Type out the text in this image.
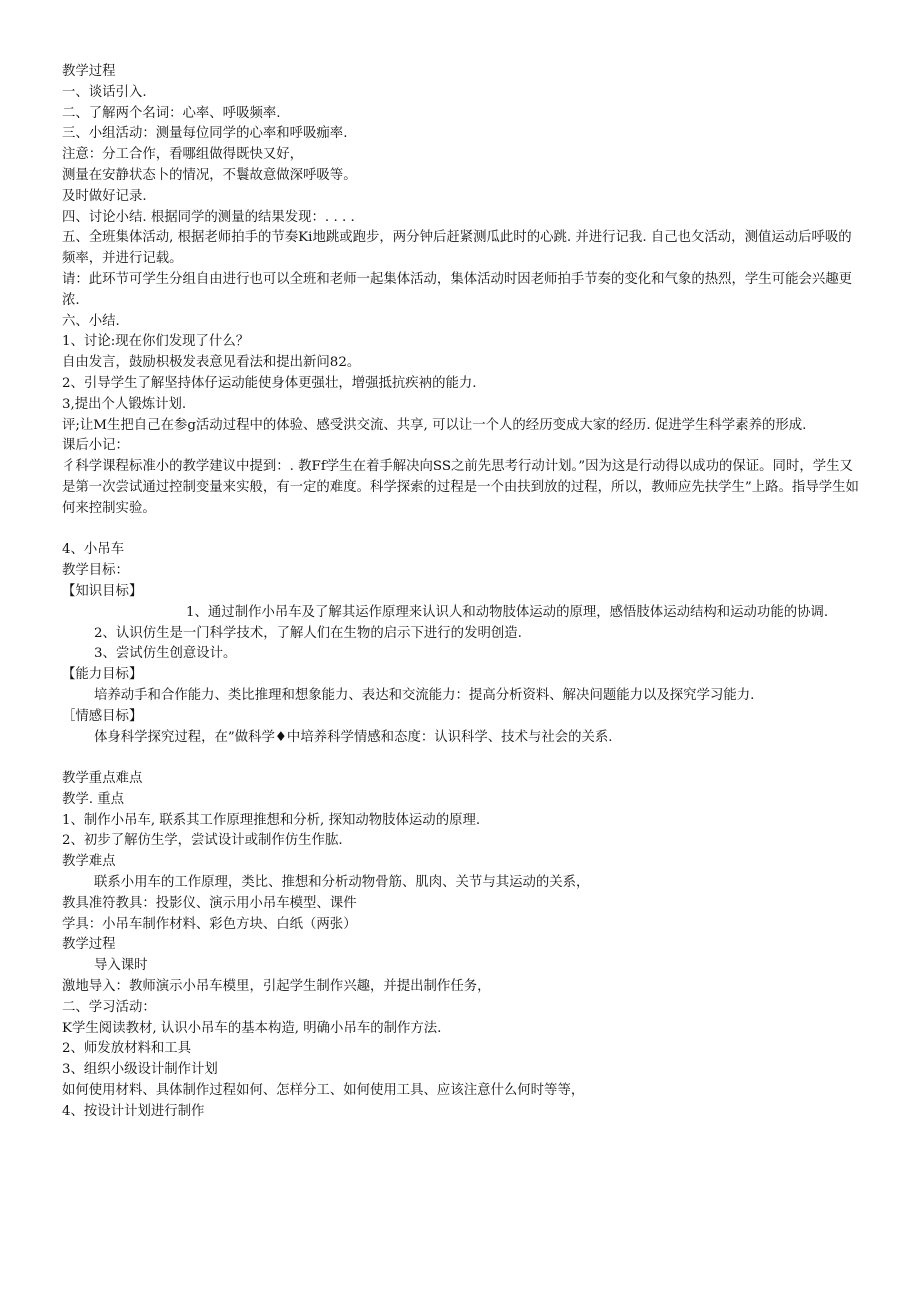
教学过程
一、谈话引入.
二、了解两个名词：心率、呼吸频率.
三、小组活动：测量每位同学的心率和呼吸痂率.
注意：分工合作，看哪组做得既快又好，
测量在安静状态卜的情况，不鬟故意做深呼吸等。
及时做好记录.
四、讨论小结. 根据同学的测量的结果发现：. . . .
五、全班集体活动, 根据老师拍手的节奏Ki地跳或跑步，两分钟后赶紧测瓜此时的心跳. 并进行记我. 自己也攵活动，测值运动后呼吸的频率，并进行记载。
请：此环节可学生分组自由进行也可以全班和老师一起集体活动，集体活动时因老师拍手节奏的变化和气象的热烈，学生可能会兴趣更浓.
六、小结.
1、讨论:现在你们发现了什么？
自由发言，鼓励枳极发表意见看法和提出新问82。
2、引导学生了解坚持体仔运动能使身体更强壮，增强抵抗疾衲的能力.
3,提出个人锻炼计划.
评;让M生把自己在参g活动过程中的体验、感受洪交流、共享, 可以让一个人的经历变成大家的经历. 促进学生科学素养的形成.
课后小记：
彳科学课程标准小的教学建议中提到：. 教Ff学生在着手解决向SS之前先思考行动计划。”因为这是行动得以成功的保证。同时，学生又是第一次尝试通过控制变量来实般，有一定的难度。科学探索的过程是一个由扶到放的过程，所以，教师应先扶学生”上路。指导学生如何来控制实验。
4、小吊车
教学目标：
【知识目标】
1、通过制作小吊车及了解其运作原理来认识人和动物肢体运动的原理，感悟肢体运动结构和运动功能的协调.
2、认识仿生是一门科学技术，了解人们在生物的启示下进行的发明创造.
3、尝试仿生创意设计。
【能力目标】
培养动手和合作能力、类比推理和想象能力、表达和交流能力：提高分析资料、解决问题能力以及探究学习能力.
［情感目标】
体身科学探究过程，在”做科学♦中培养科学情感和态度：认识科学、技术与社会的关系.
教学重点难点
教学. 重点
1、制作小吊车, 联系其工作原理推想和分析, 探知动物肢体运动的原理.
2、初步了解仿生学，尝试设计或制作仿生作肱.
教学难点
联系小用车的工作原理，类比、推想和分析动物骨筋、肌肉、关节与其运动的关系，
教具准符教具：投影仪、演示用小吊车模型、课件
学具：小吊车制作材料、彩色方块、白纸（两张）
教学过程
导入课时
激地导入：教师演示小吊车模里，引起学生制作兴趣，并提出制作任务，
二、学习活动：
K学生阅读教材, 认识小吊车的基本构造, 明确小吊车的制作方法.
2、师发放材料和工具
3、组织小级设计制作计划
如何使用材料、具体制作过程如何、怎样分工、如何使用工具、应该注意什么何时等等，
4、按设计计划进行制作
